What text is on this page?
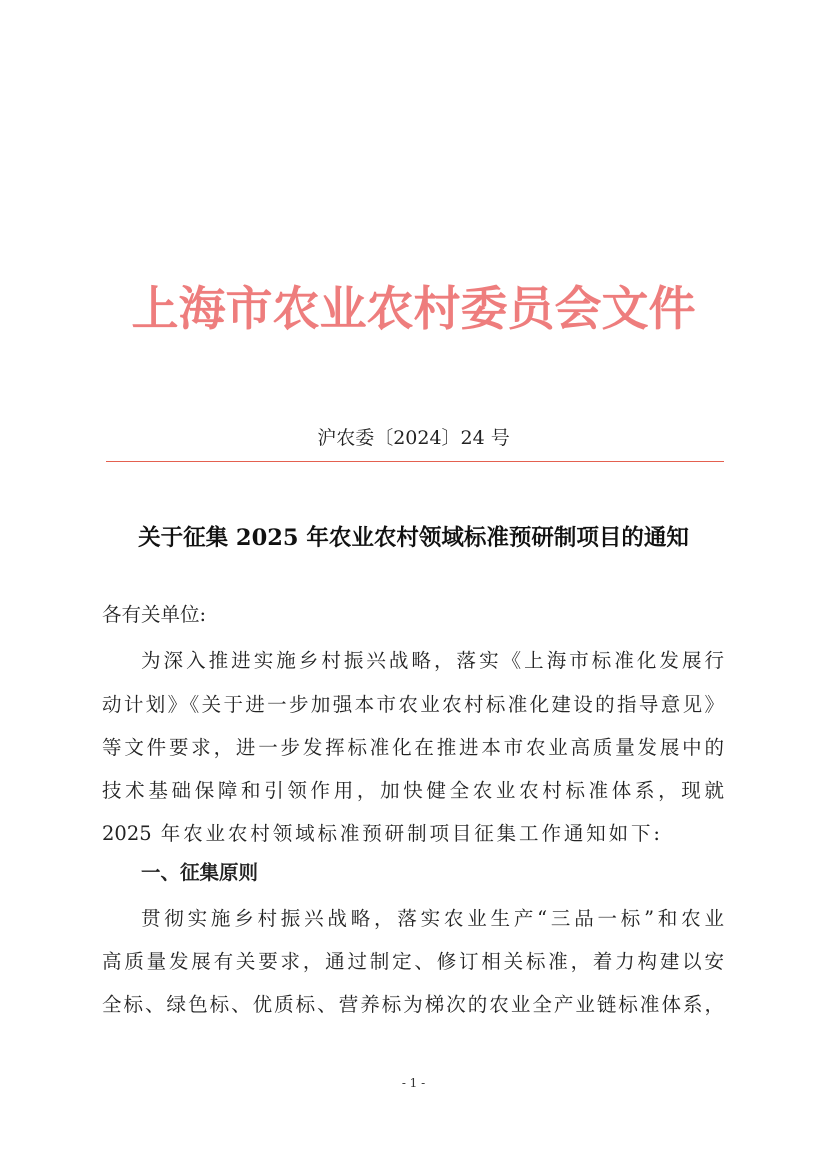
上海市农业农村委员会文件
沪农委〔2024〕24 号
关于征集 2025 年农业农村领域标准预研制项目的通知
各有关单位:
为深入推进实施乡村振兴战略，落实《上海市标准化发展行
动计划》《关于进一步加强本市农业农村标准化建设的指导意见》
等文件要求，进一步发挥标准化在推进本市农业高质量发展中的
技术基础保障和引领作用，加快健全农业农村标准体系，现就
2025 年农业农村领域标准预研制项目征集工作通知如下:
一、征集原则
贯彻实施乡村振兴战略，落实农业生产“三品一标”和农业
高质量发展有关要求，通过制定、修订相关标准，着力构建以安
全标、绿色标、优质标、营养标为梯次的农业全产业链标准体系，
- 1 -
